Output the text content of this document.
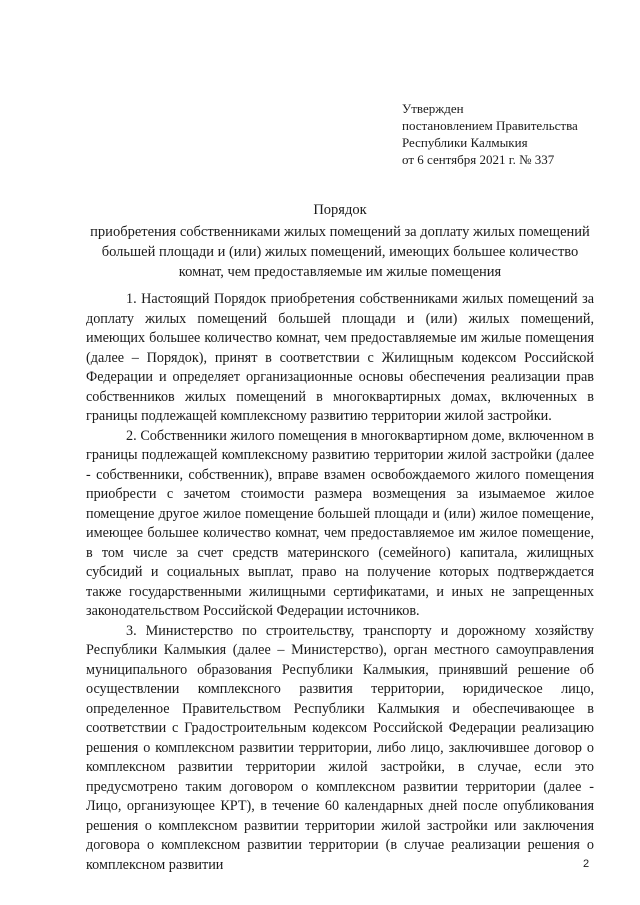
Утвержден
постановлением Правительства
Республики Калмыкия
от 6 сентября 2021 г. № 337
Порядок
приобретения собственниками жилых помещений за доплату жилых помещений большей площади и (или) жилых помещений, имеющих большее количество комнат, чем предоставляемые им жилые помещения

1. Настоящий Порядок приобретения собственниками жилых помещений за доплату жилых помещений большей площади и (или) жилых помещений, имеющих большее количество комнат, чем предоставляемые им жилые помещения (далее – Порядок), принят в соответствии с Жилищным кодексом Российской Федерации и определяет организационные основы обеспечения реализации прав собственников жилых помещений в многоквартирных домах, включенных в границы подлежащей комплексному развитию территории жилой застройки.

2. Собственники жилого помещения в многоквартирном доме, включенном в границы подлежащей комплексному развитию территории жилой застройки (далее - собственники, собственник), вправе взамен освобождаемого жилого помещения приобрести с зачетом стоимости размера возмещения за изымаемое жилое помещение другое жилое помещение большей площади и (или) жилое помещение, имеющее большее количество комнат, чем предоставляемое им жилое помещение, в том числе за счет средств материнского (семейного) капитала, жилищных субсидий и социальных выплат, право на получение которых подтверждается также государственными жилищными сертификатами, и иных не запрещенных законодательством Российской Федерации источников.

3. Министерство по строительству, транспорту и дорожному хозяйству Республики Калмыкия (далее – Министерство), орган местного самоуправления муниципального образования Республики Калмыкия, принявший решение об осуществлении комплексного развития территории, юридическое лицо, определенное Правительством Республики Калмыкия и обеспечивающее в соответствии с Градостроительным кодексом Российской Федерации реализацию решения о комплексном развитии территории, либо лицо, заключившее договор о комплексном развитии территории жилой застройки, в случае, если это предусмотрено таким договором о комплексном развитии территории (далее - Лицо, организующее КРТ), в течение 60 календарных дней после опубликования решения о комплексном развитии территории жилой застройки или заключения договора о комплексном развитии территории (в случае реализации решения о комплексном развитии	2
